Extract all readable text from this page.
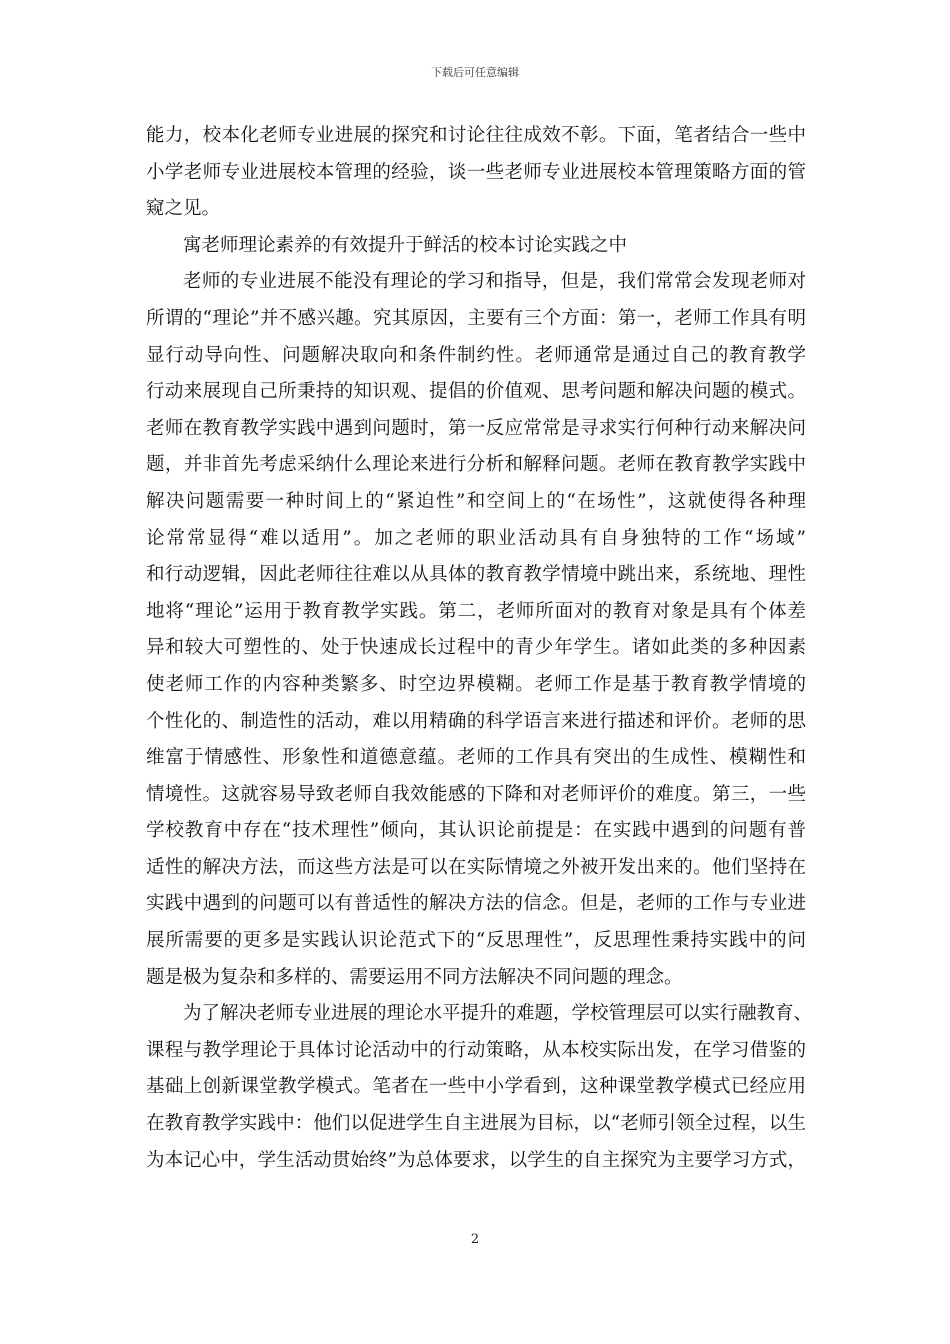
下载后可任意编辑
能力，校本化老师专业进展的探究和讨论往往成效不彰。下面，笔者结合一些中
小学老师专业进展校本管理的经验，谈一些老师专业进展校本管理策略方面的管
窥之见。
寓老师理论素养的有效提升于鲜活的校本讨论实践之中
老师的专业进展不能没有理论的学习和指导，但是，我们常常会发现老师对
所谓的“理论”并不感兴趣。究其原因，主要有三个方面：第一，老师工作具有明
显行动导向性、问题解决取向和条件制约性。老师通常是通过自己的教育教学
行动来展现自己所秉持的知识观、提倡的价值观、思考问题和解决问题的模式。
老师在教育教学实践中遇到问题时，第一反应常常是寻求实行何种行动来解决问
题，并非首先考虑采纳什么理论来进行分析和解释问题。老师在教育教学实践中
解决问题需要一种时间上的“紧迫性”和空间上的“在场性”，这就使得各种理
论常常显得“难以适用”。加之老师的职业活动具有自身独特的工作“场域”
和行动逻辑，因此老师往往难以从具体的教育教学情境中跳出来，系统地、理性
地将“理论”运用于教育教学实践。第二，老师所面对的教育对象是具有个体差
异和较大可塑性的、处于快速成长过程中的青少年学生。诸如此类的多种因素
使老师工作的内容种类繁多、时空边界模糊。老师工作是基于教育教学情境的
个性化的、制造性的活动，难以用精确的科学语言来进行描述和评价。老师的思
维富于情感性、形象性和道德意蕴。老师的工作具有突出的生成性、模糊性和
情境性。这就容易导致老师自我效能感的下降和对老师评价的难度。第三，一些
学校教育中存在“技术理性”倾向，其认识论前提是：在实践中遇到的问题有普
适性的解决方法，而这些方法是可以在实际情境之外被开发出来的。他们坚持在
实践中遇到的问题可以有普适性的解决方法的信念。但是，老师的工作与专业进
展所需要的更多是实践认识论范式下的“反思理性”，反思理性秉持实践中的问
题是极为复杂和多样的、需要运用不同方法解决不同问题的理念。
为了解决老师专业进展的理论水平提升的难题，学校管理层可以实行融教育、
课程与教学理论于具体讨论活动中的行动策略，从本校实际出发，在学习借鉴的
基础上创新课堂教学模式。笔者在一些中小学看到，这种课堂教学模式已经应用
在教育教学实践中：他们以促进学生自主进展为目标，以“老师引领全过程，以生
为本记心中，学生活动贯始终”为总体要求，以学生的自主探究为主要学习方式，
2
